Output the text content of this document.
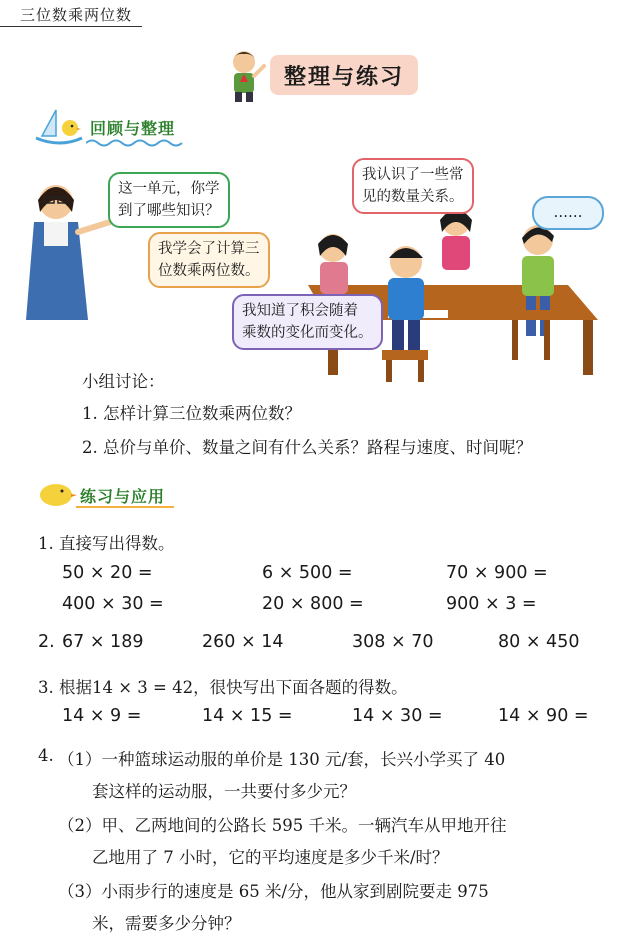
三位数乘两位数
整理与练习
回顾与整理
这一单元，你学
到了哪些知识？
我学会了计算三
位数乘两位数。
我认识了一些常
见的数量关系。
……
我知道了积会随着
乘数的变化而变化。
小组讨论：
1. 怎样计算三位数乘两位数？
2. 总价与单价、数量之间有什么关系？路程与速度、时间呢？
练习与应用
1. 直接写出得数。
50 × 20 =	6 × 500 =	70 × 900 =
400 × 30 =	20 × 800 =	900 × 3 =
2. 67 × 189	260 × 14	308 × 70	80 × 450
3. 根据14 × 3 = 42，很快写出下面各题的得数。
14 × 9 =	14 × 15 =	14 × 30 =	14 × 90 =
4. （1）一种篮球运动服的单价是 130 元/套，长兴小学买了 40
套这样的运动服，一共要付多少元？
（2）甲、乙两地间的公路长 595 千米。一辆汽车从甲地开往
乙地用了 7 小时，它的平均速度是多少千米/时？
（3）小雨步行的速度是 65 米/分，他从家到剧院要走 975
米，需要多少分钟？
